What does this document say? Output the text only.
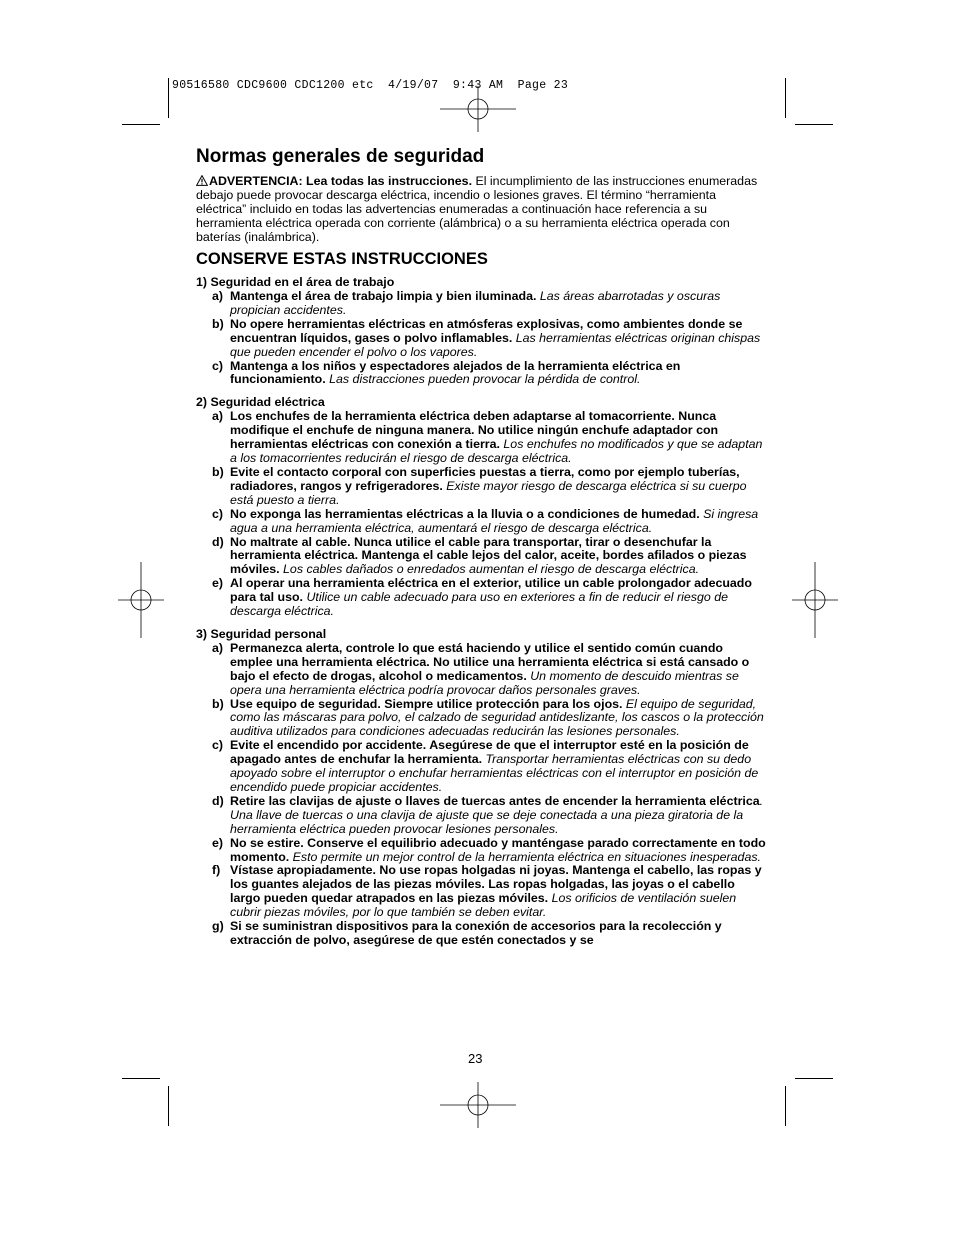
90516580 CDC9600 CDC1200 etc  4/19/07  9:43 AM  Page 23
Normas generales de seguridad

ADVERTENCIA: Lea todas las instrucciones. El incumplimiento de las instrucciones enumeradas debajo puede provocar descarga eléctrica, incendio o lesiones graves. El término “herramienta eléctrica” incluido en todas las advertencias enumeradas a continuación hace referencia a su herramienta eléctrica operada con corriente (alámbrica) o a su herramienta eléctrica operada con baterías (inalámbrica).

CONSERVE ESTAS INSTRUCCIONES

1) Seguridad en el área de trabajo

a) Mantenga el área de trabajo limpia y bien iluminada. Las áreas abarrotadas y oscuras propician accidentes.
b) No opere herramientas eléctricas en atmósferas explosivas, como ambientes donde se encuentran líquidos, gases o polvo inflamables. Las herramientas eléctricas originan chispas que pueden encender el polvo o los vapores.
c) Mantenga a los niños y espectadores alejados de la herramienta eléctrica en funcionamiento. Las distracciones pueden provocar la pérdida de control.

2) Seguridad eléctrica

a) Los enchufes de la herramienta eléctrica deben adaptarse al tomacorriente. Nunca modifique el enchufe de ninguna manera. No utilice ningún enchufe adaptador con herramientas eléctricas con conexión a tierra. Los enchufes no modificados y que se adaptan a los tomacorrientes reducirán el riesgo de descarga eléctrica.
b) Evite el contacto corporal con superficies puestas a tierra, como por ejemplo tuberías, radiadores, rangos y refrigeradores. Existe mayor riesgo de descarga eléctrica si su cuerpo está puesto a tierra.
c) No exponga las herramientas eléctricas a la lluvia o a condiciones de humedad. Si ingresa agua a una herramienta eléctrica, aumentará el riesgo de descarga eléctrica.
d) No maltrate al cable. Nunca utilice el cable para transportar, tirar o desenchufar la herramienta eléctrica. Mantenga el cable lejos del calor, aceite, bordes afilados o piezas móviles. Los cables dañados o enredados aumentan el riesgo de descarga eléctrica.
e) Al operar una herramienta eléctrica en el exterior, utilice un cable prolongador adecuado para tal uso. Utilice un cable adecuado para uso en exteriores a fin de reducir el riesgo de descarga eléctrica.

3) Seguridad personal

a) Permanezca alerta, controle lo que está haciendo y utilice el sentido común cuando emplee una herramienta eléctrica. No utilice una herramienta eléctrica si está cansado o bajo el efecto de drogas, alcohol o medicamentos. Un momento de descuido mientras se opera una herramienta eléctrica podría provocar daños personales graves.
b) Use equipo de seguridad. Siempre utilice protección para los ojos. El equipo de seguridad, como las máscaras para polvo, el calzado de seguridad antideslizante, los cascos o la protección auditiva utilizados para condiciones adecuadas reducirán las lesiones personales.
c) Evite el encendido por accidente. Asegúrese de que el interruptor esté en la posición de apagado antes de enchufar la herramienta. Transportar herramientas eléctricas con su dedo apoyado sobre el interruptor o enchufar herramientas eléctricas con el interruptor en posición de encendido puede propiciar accidentes.
d) Retire las clavijas de ajuste o llaves de tuercas antes de encender la herramienta eléctrica. Una llave de tuercas o una clavija de ajuste que se deje conectada a una pieza giratoria de la herramienta eléctrica pueden provocar lesiones personales.
e) No se estire. Conserve el equilibrio adecuado y manténgase parado correctamente en todo momento. Esto permite un mejor control de la herramienta eléctrica en situaciones inesperadas.
f) Vístase apropiadamente. No use ropas holgadas ni joyas. Mantenga el cabello, las ropas y los guantes alejados de las piezas móviles. Las ropas holgadas, las joyas o el cabello largo pueden quedar atrapados en las piezas móviles. Los orificios de ventilación suelen cubrir piezas móviles, por lo que también se deben evitar.
g) Si se suministran dispositivos para la conexión de accesorios para la recolección y extracción de polvo, asegúrese de que estén conectados y se
23
